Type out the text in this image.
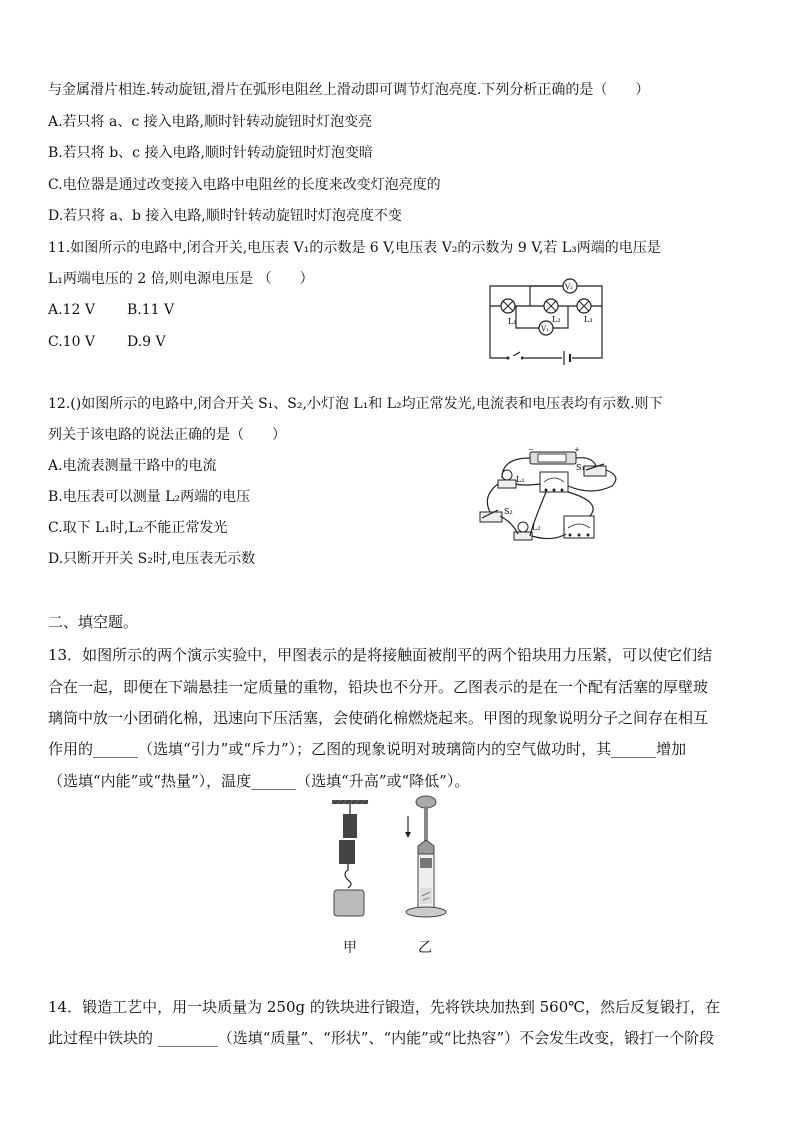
与金属滑片相连.转动旋钮,滑片在弧形电阻丝上滑动即可调节灯泡亮度.下列分析正确的是（　　）
A.若只将 a、c 接入电路,顺时针转动旋钮时灯泡变亮
B.若只将 b、c 接入电路,顺时针转动旋钮时灯泡变暗
C.电位器是通过改变接入电路中电阻丝的长度来改变灯泡亮度的
D.若只将 a、b 接入电路,顺时针转动旋钮时灯泡亮度不变
11.如图所示的电路中,闭合开关,电压表 V₁的示数是 6 V,电压表 V₂的示数为 9 V,若 L₃两端的电压是
L₁两端电压的 2 倍,则电源电压是 （　　）
A.12 V B.11 V
C.10 V D.9 V
L₁	L₂	L₃
V₁
V₂
12.()如图所示的电路中,闭合开关 S₁、S₂,小灯泡 L₁和 L₂均正常发光,电流表和电压表均有示数.则下
列关于该电路的说法正确的是（　　）
A.电流表测量干路中的电流
B.电压表可以测量 L₂两端的电压
C.取下 L₁时,L₂不能正常发光
D.只断开开关 S₂时,电压表无示数
−	+
S₁
L₁
S₂
L₂
二、填空题。
13．如图所示的两个演示实验中，甲图表示的是将接触面被削平的两个铅块用力压紧，可以使它们结
合在一起，即便在下端悬挂一定质量的重物，铅块也不分开。乙图表示的是在一个配有活塞的厚壁玻
璃筒中放一小团硝化棉，迅速向下压活塞，会使硝化棉燃烧起来。甲图的现象说明分子之间存在相互
作用的______（选填“引力”或“斥力”）；乙图的现象说明对玻璃筒内的空气做功时，其______增加
（选填“内能”或“热量”），温度______（选填“升高”或“降低”）。
甲	乙
14．锻造工艺中，用一块质量为 250g 的铁块进行锻造，先将铁块加热到 560℃，然后反复锻打，在
此过程中铁块的 ________（选填“质量”、“形状”、“内能”或“比热容”）不会发生改变，锻打一个阶段
